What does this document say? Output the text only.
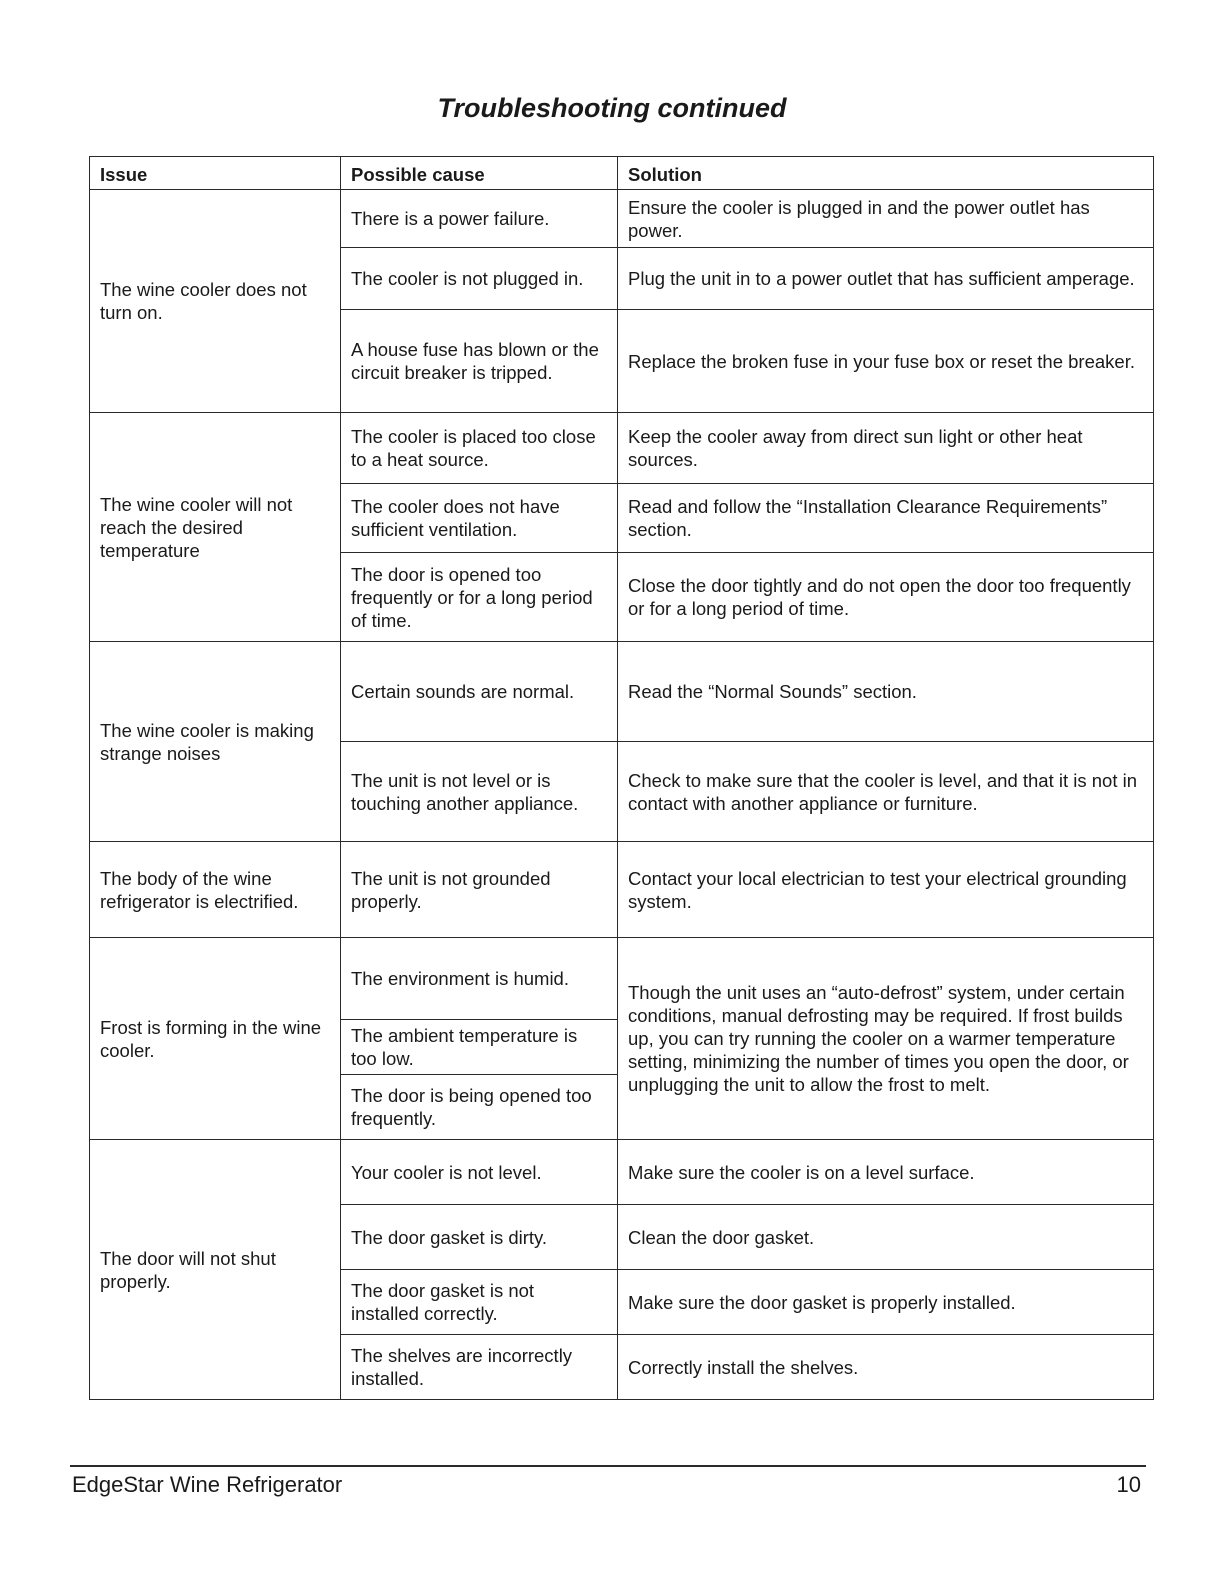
Troubleshooting continued
Issue	Possible cause	Solution
The wine cooler does not turn on.	There is a power failure.	Ensure the cooler is plugged in and the power outlet has power.
	The cooler is not plugged in.	Plug the unit in to a power outlet that has sufficient amperage.
	A house fuse has blown or the circuit breaker is tripped.	Replace the broken fuse in your fuse box or reset the breaker.
The wine cooler will not reach the desired temperature	The cooler is placed too close to a heat source.	Keep the cooler away from direct sun light or other heat sources.
	The cooler does not have sufficient ventilation.	Read and follow the “Installation Clearance Requirements” section.
	The door is opened too frequently or for a long period of time.	Close the door tightly and do not open the door too frequently or for a long period of time.
The wine cooler is making strange noises	Certain sounds are normal.	Read the “Normal Sounds” section.
	The unit is not level or is touching another appliance.	Check to make sure that the cooler is level, and that it is not in contact with another appliance or furniture.
The body of the wine refrigerator is electrified.	The unit is not grounded properly.	Contact your local electrician to test your electrical grounding system.
Frost is forming in the wine cooler.	The environment is humid.	Though the unit uses an “auto-defrost” system, under certain conditions, manual defrosting may be required. If frost builds up, you can try running the cooler on a warmer temperature setting, minimizing the number of times you open the door, or unplugging the unit to allow the frost to melt.
	The ambient temperature is too low.	
	The door is being opened too frequently.	
The door will not shut properly.	Your cooler is not level.	Make sure the cooler is on a level surface.
	The door gasket is dirty.	Clean the door gasket.
	The door gasket is not installed correctly.	Make sure the door gasket is properly installed.
	The shelves are incorrectly installed.	Correctly install the shelves.
EdgeStar Wine Refrigerator	10
